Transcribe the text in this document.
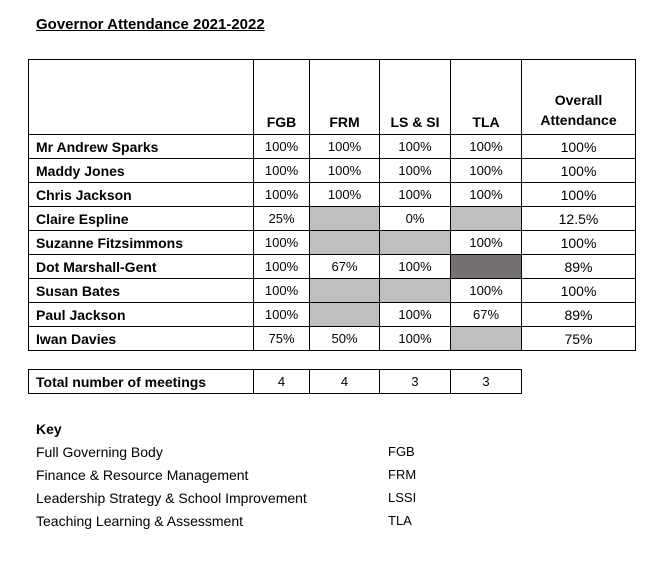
Governor Attendance 2021-2022
	FGB	FRM	LS & SI	TLA	Overall Attendance
Mr Andrew Sparks	100%	100%	100%	100%	100%
Maddy Jones	100%	100%	100%	100%	100%
Chris Jackson	100%	100%	100%	100%	100%
Claire Espline	25%		0%		12.5%
Suzanne Fitzsimmons	100%			100%	100%
Dot Marshall-Gent	100%	67%	100%		89%
Susan Bates	100%			100%	100%
Paul Jackson	100%		100%	67%	89%
Iwan Davies	75%	50%	100%		75%
Total number of meetings	4	4	3	3
Key
Full Governing Body	FGB
Finance & Resource Management	FRM
Leadership Strategy & School Improvement	LSSI
Teaching Learning & Assessment	TLA
